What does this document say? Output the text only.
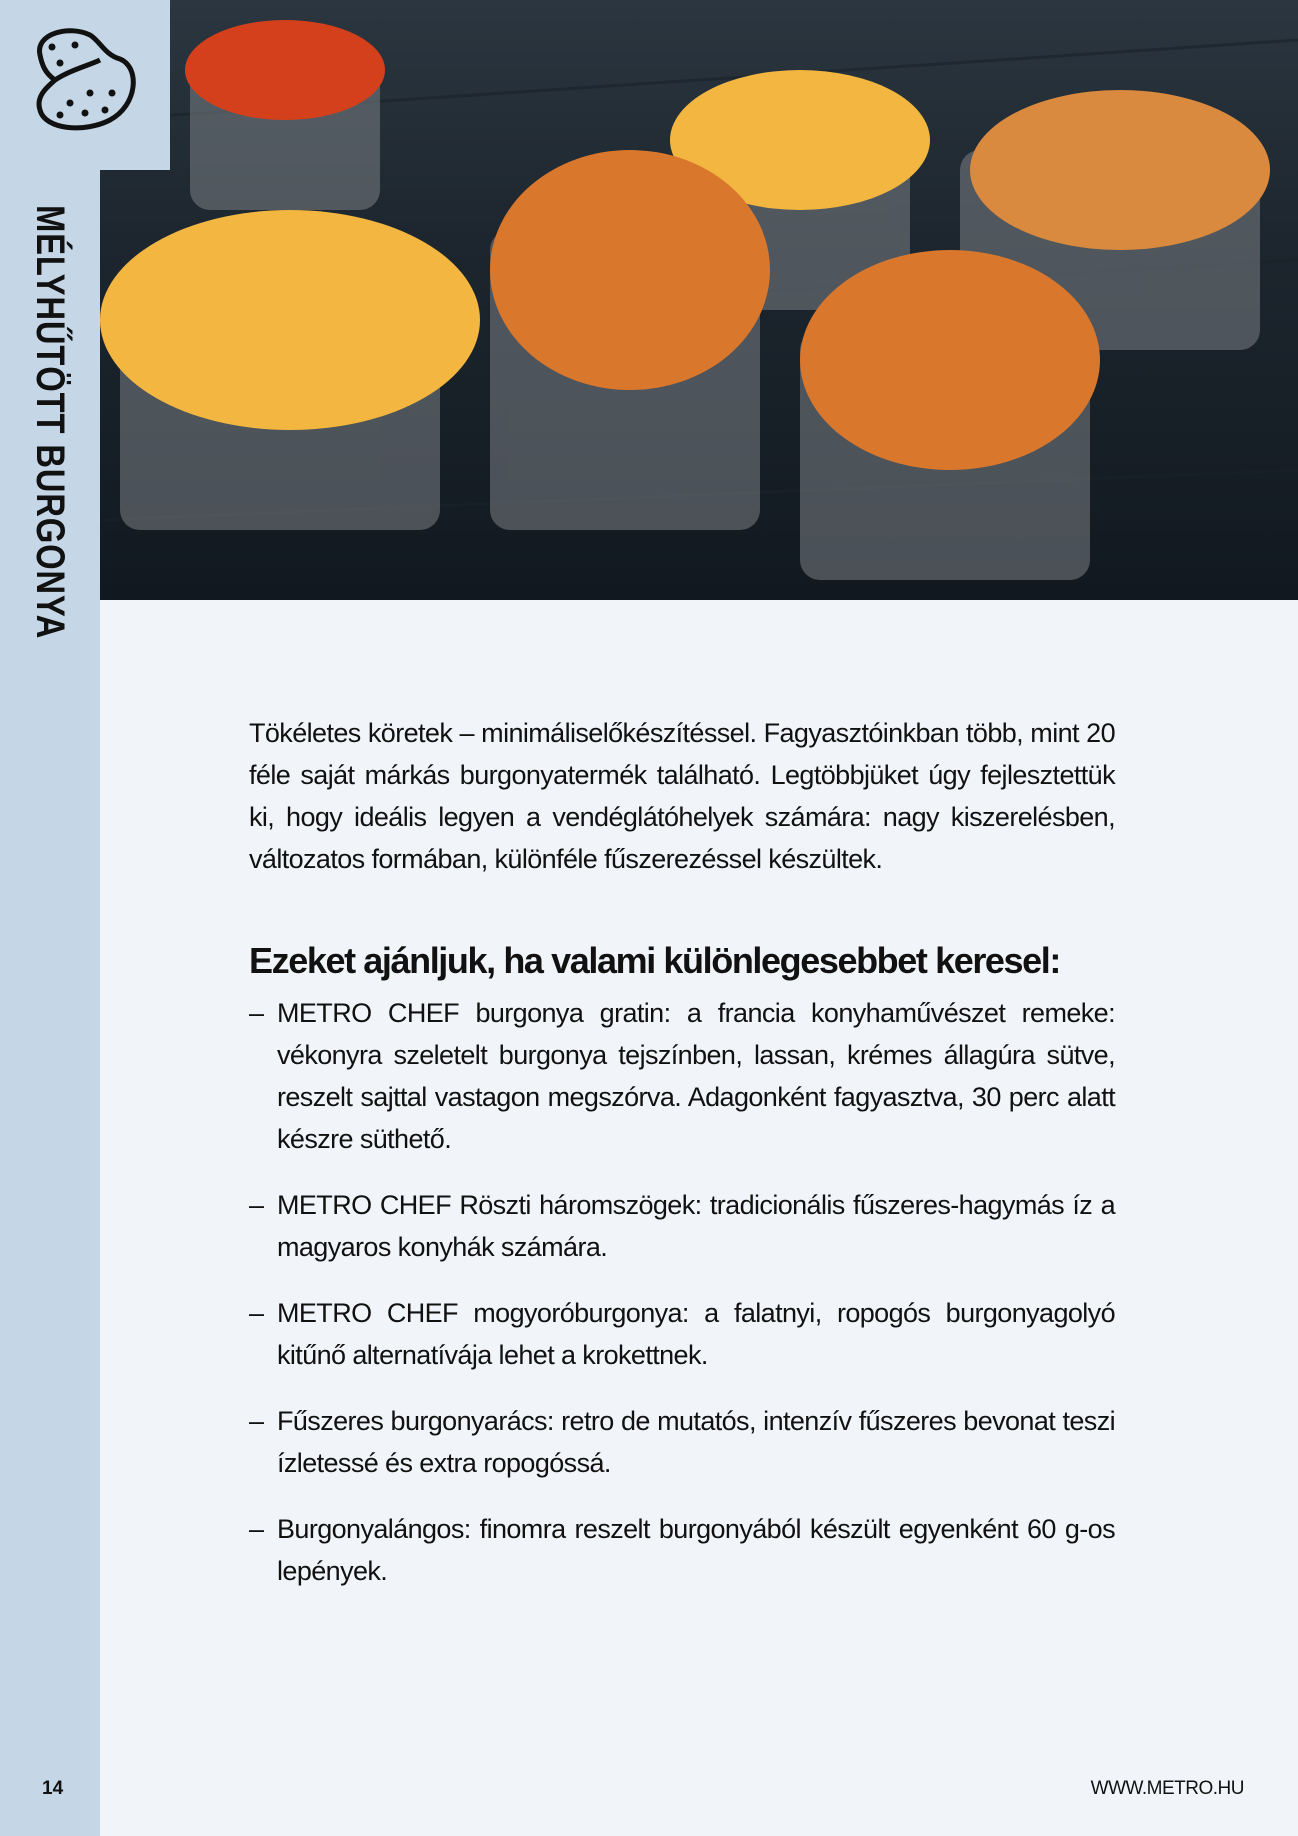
MÉLYHŰTÖTT BURGONYA

Tökéletes köretek – minimáliselőkészítéssel. Fagyasztóinkban több, mint 20 féle saját márkás burgonyatermék található. Legtöbbjüket úgy fejlesztettük ki, hogy ideális legyen a vendéglátóhelyek számára: nagy kiszerelésben, változatos formában, különféle fűszerezéssel készültek.

Ezeket ajánljuk, ha valami különlegesebbet keresel:
– METRO CHEF burgonya gratin: a francia konyhaművészet remeke: vékonyra szeletelt burgonya tejszínben, lassan, krémes állagúra sütve, reszelt sajttal vastagon megszórva. Adagonként fagyasztva, 30 perc alatt készre süthető.
– METRO CHEF Röszti háromszögek: tradicionális fűszeres-hagymás íz a magyaros konyhák számára.
– METRO CHEF mogyoróburgonya: a falatnyi, ropogós burgonyagolyó kitűnő alternatívája lehet a krokettnek.
– Fűszeres burgonyarács: retro de mutatós, intenzív fűszeres bevonat teszi ízletessé és extra ropogóssá.
– Burgonyalángos: finomra reszelt burgonyából készült egyenként 60 g-os lepények.
14	WWW.METRO.HU
